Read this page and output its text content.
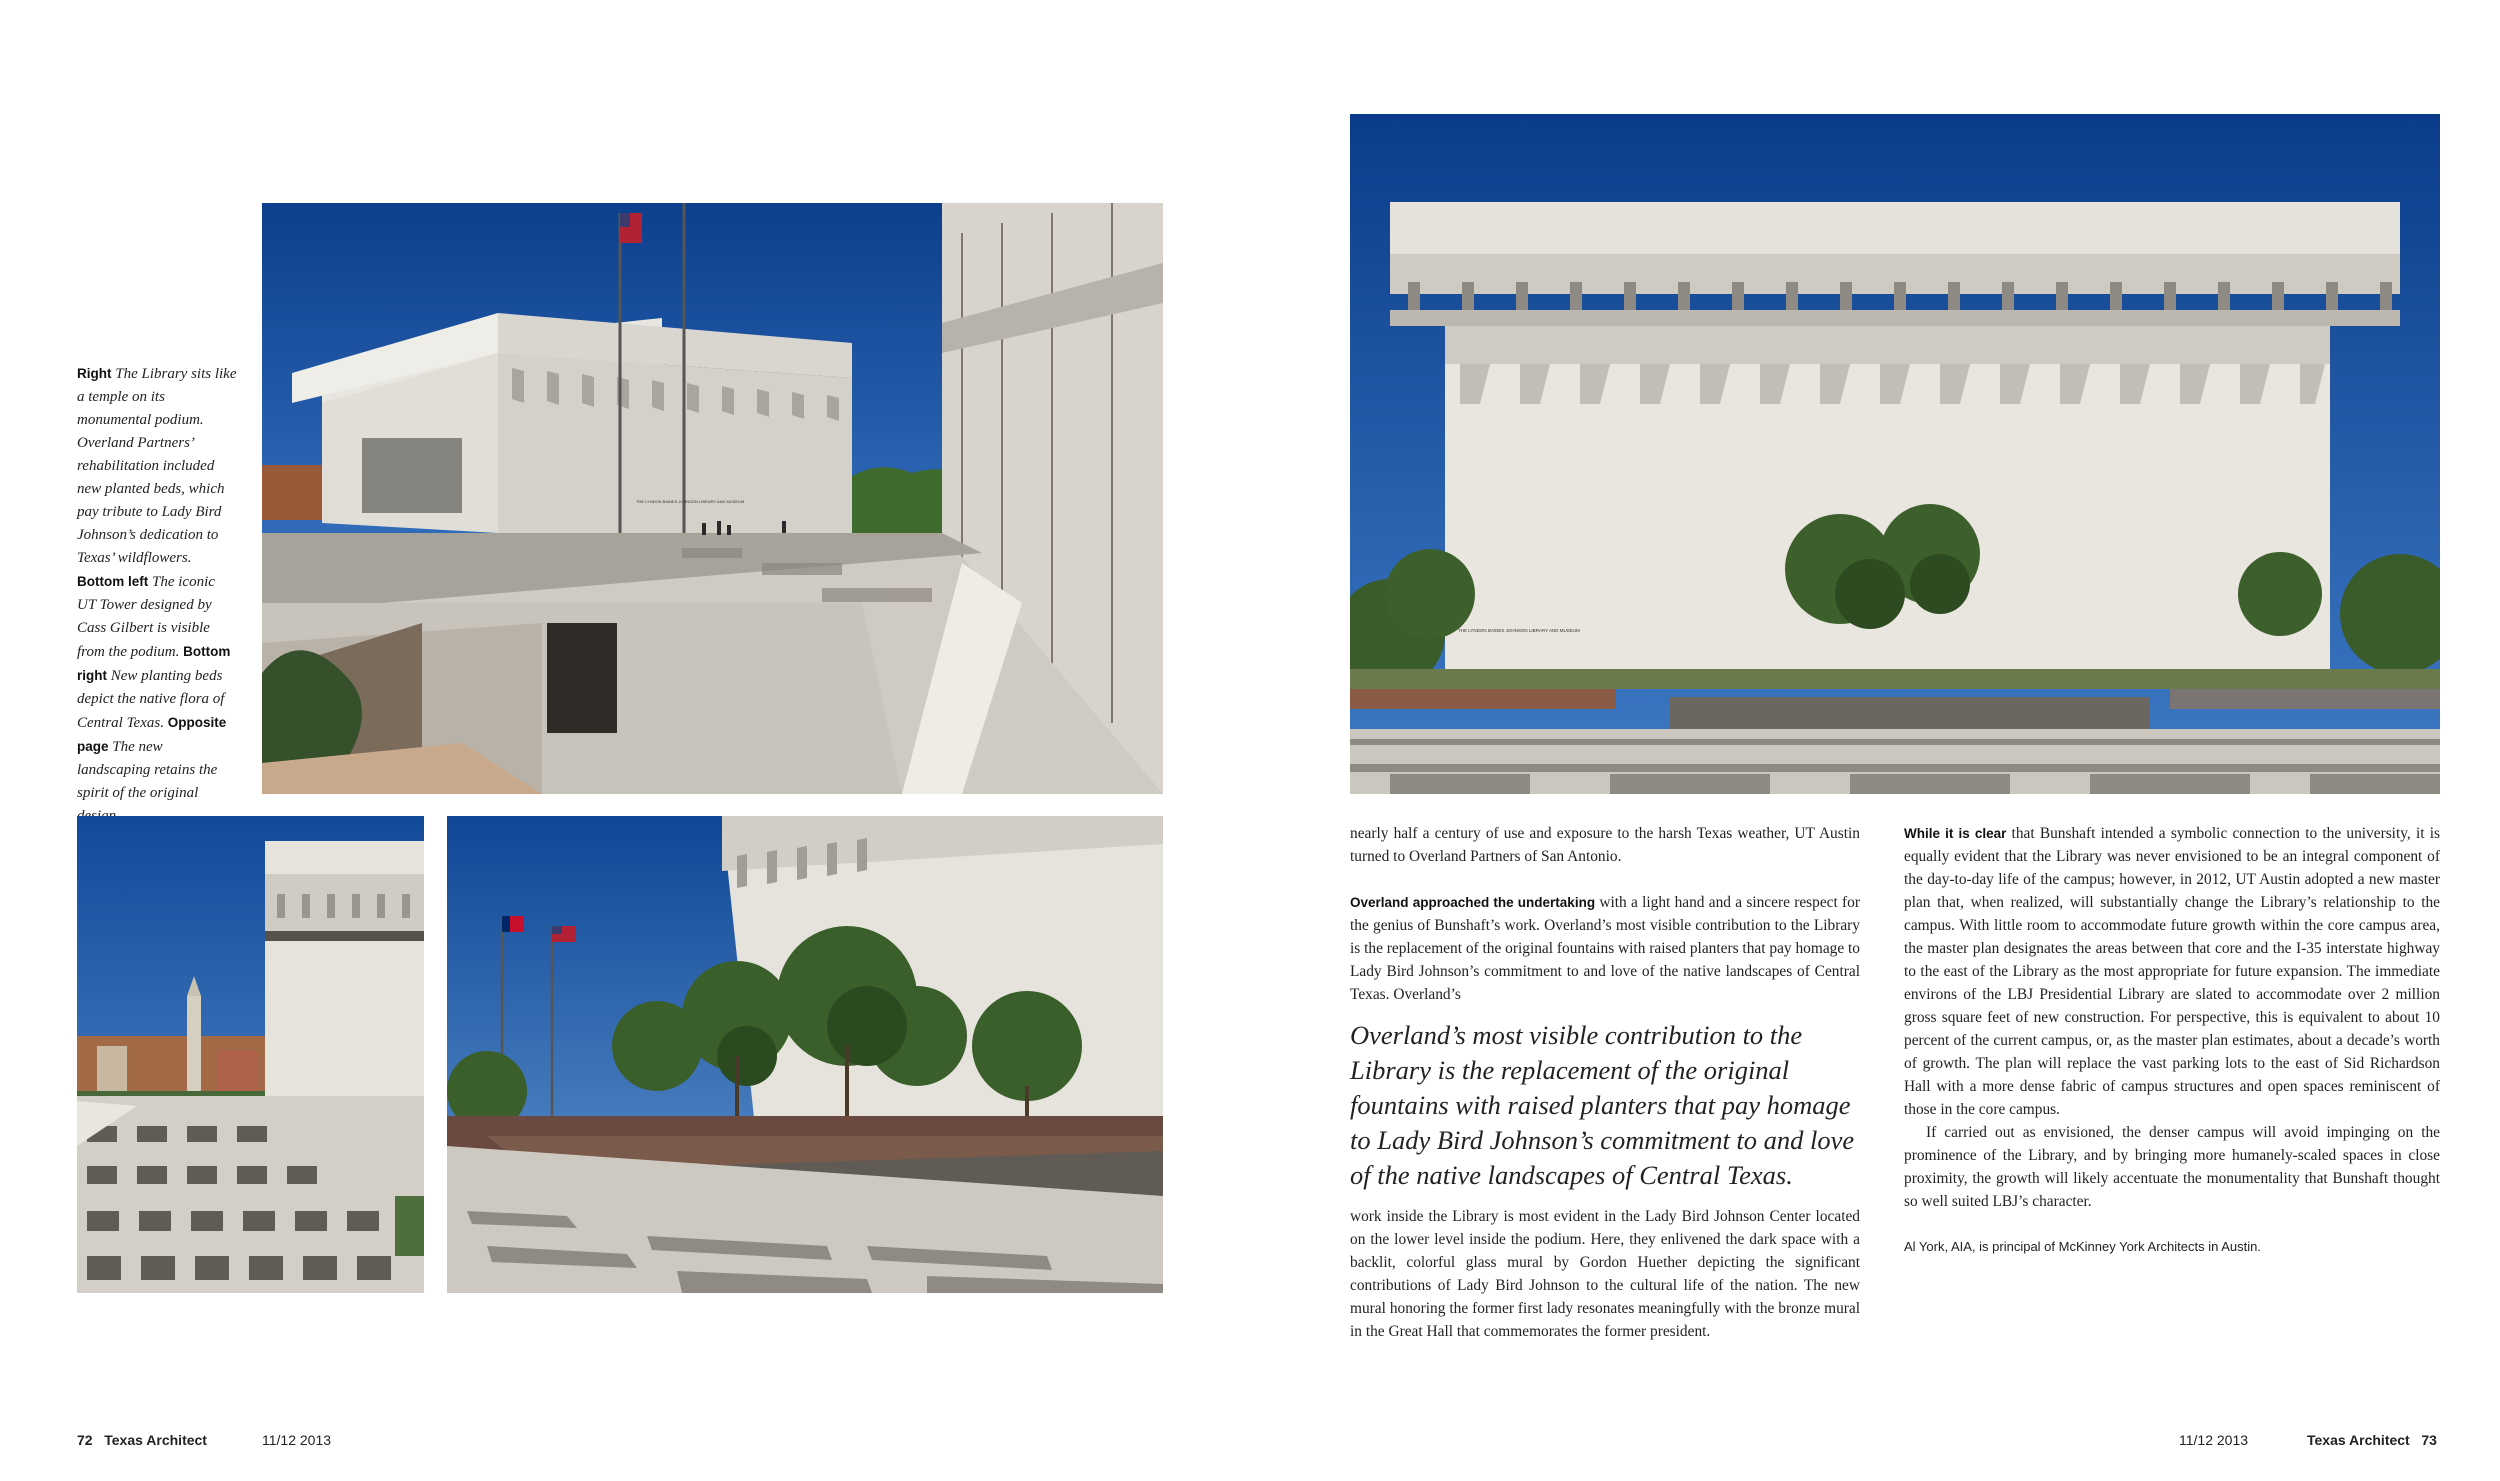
Right The Library sits like a temple on its monumental podium. Overland Partners’ rehabilitation included new planted beds, which pay tribute to Lady Bird Johnson’s dedication to Texas’ wildflowers. Bottom left The iconic UT Tower designed by Cass Gilbert is visible from the podium. Bottom right New planting beds depict the native flora of Central Texas. Opposite page The new landscaping retains the spirit of the original
THE LYNDON BAINES JOHNSON LIBRARY AND MUSEUM
THE LYNDON BAINES JOHNSON LIBRARY AND MUSEUM

nearly half a century of use and exposure to the harsh Texas weather, UT Austin turned to Overland Partners of San Antonio.

Overland approached the undertaking with a light hand and a sincere respect for the genius of Bunshaft’s work. Overland’s most visible contribution to the Library is the replacement of the original fountains with raised planters that pay homage to Lady Bird Johnson’s commitment to and love of the native landscapes of Central Texas. Overland’s

Overland’s most visible contribution to the Library is the replacement of the original fountains with raised planters that pay homage to Lady Bird Johnson’s commitment to and love of the native landscapes of Central Texas.

work inside the Library is most evident in the Lady Bird Johnson Center located on the lower level inside the podium. Here, they enlivened the dark space with a backlit, colorful glass mural by Gordon Huether depicting the significant contributions of Lady Bird Johnson to the cultural life of the nation. The new mural honoring the former first lady resonates meaningfully with the bronze mural in the Great Hall that commemorates the former president.

While it is clear that Bunshaft intended a symbolic connection to the university, it is equally evident that the Library was never envisioned to be an integral component of the day-to-day life of the campus; however, in 2012, UT Austin adopted a new master plan that, when realized, will substantially change the Library’s relationship to the campus. With little room to accommodate future growth within the core campus area, the master plan designates the areas between that core and the I-35 interstate highway to the east of the Library as the most appropriate for future expansion. The immediate environs of the LBJ Presidential Library are slated to accommodate over 2 million gross square feet of new construction. For perspective, this is equivalent to about 10 percent of the current campus, or, as the master plan estimates, about a decade’s worth of growth. The plan will replace the vast parking lots to the east of Sid Richardson Hall with a more dense fabric of campus structures and open spaces reminiscent of those in the core campus.

If carried out as envisioned, the denser campus will avoid impinging on the prominence of the Library, and by bringing more humanely-scaled spaces in close proximity, the growth will likely accentuate the monumentality that Bunshaft thought so well suited LBJ’s character.

Al York, AIA, is principal of McKinney York Architects in Austin.

72 Texas Architect	11/12 2013	11/12 2013	Texas Architect 73
